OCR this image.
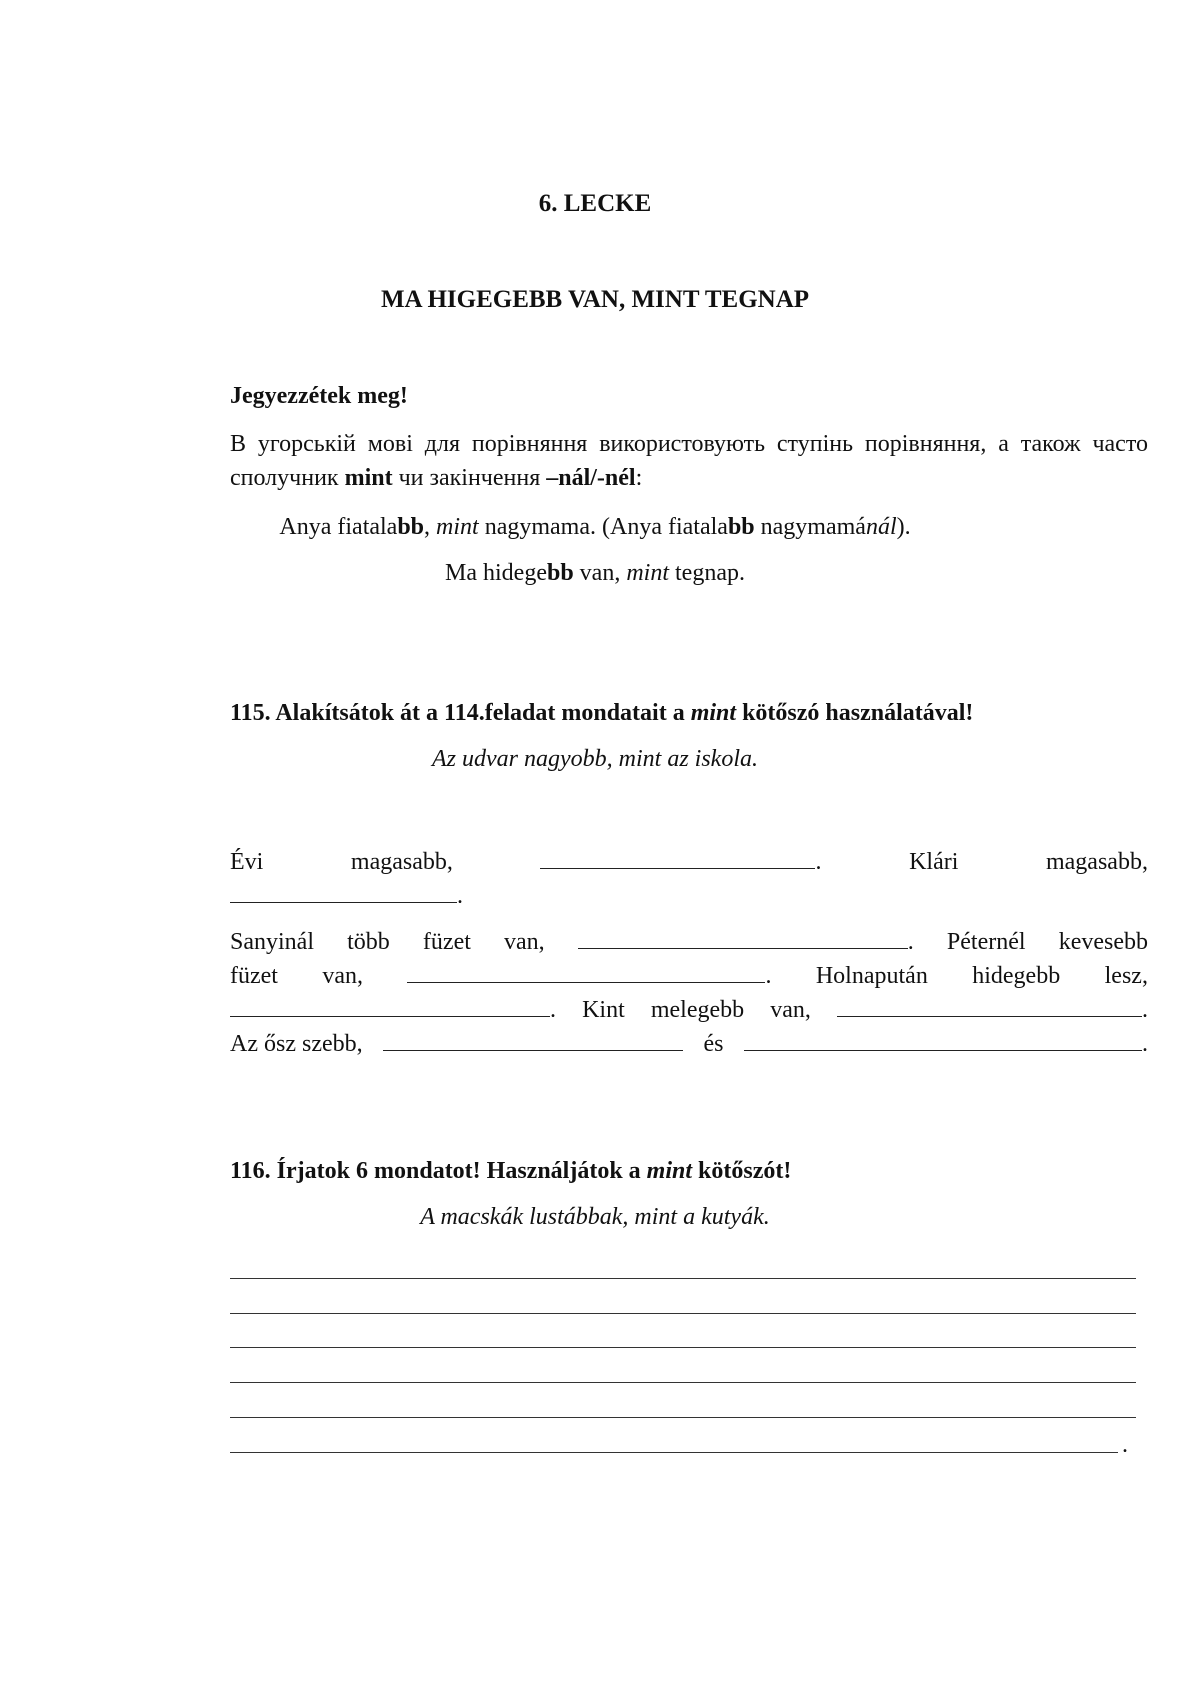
6. LECKE
MA HIGEGEBB VAN, MINT TEGNAP
Jegyezzétek meg!
В угорській мові для порівняння використовують ступінь порівняння, а також часто сполучник mint чи закінчення –nál/-nél:
Anya fiatalabb, mint nagymama. (Anya fiatalabb nagymamánál).
Ma hidegebb van, mint tegnap.
115. Alakítsátok át a 114.feladat mondatait a mint kötőszó használatával!
Az udvar nagyobb, mint az iskola.
Évi	magasabb,	.	Klári	magasabb,
.
Sanyinál több füzet van,	. Péternél kevesebb
füzet van,	. Holnapután hidegebb lesz,
. Kint melegebb van,	.
Az ősz szebb,	és	.
116. Írjatok 6 mondatot! Használjátok a mint kötőszót!
A macskák lustábbak, mint a kutyák.
.
